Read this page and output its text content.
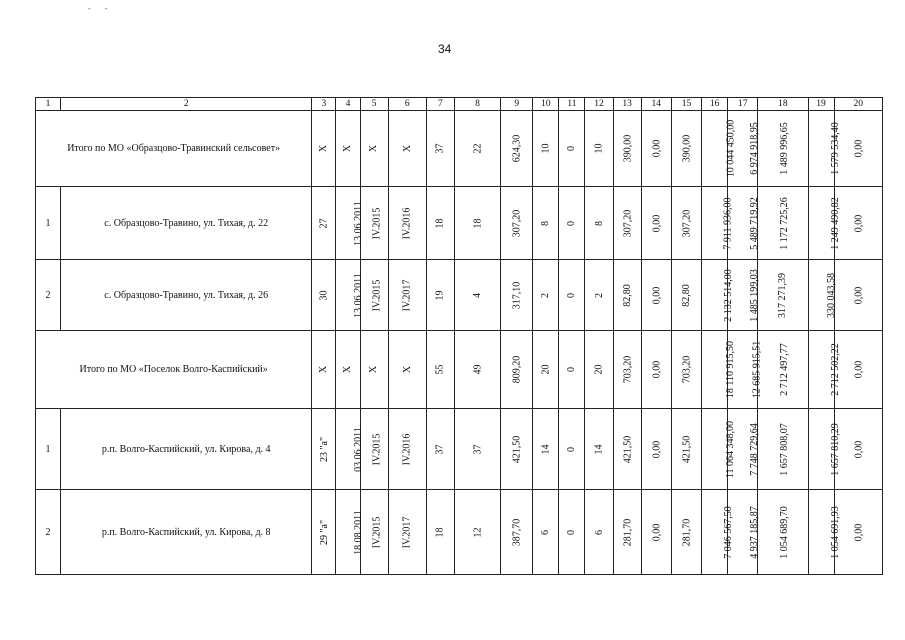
- -
34
1	2	3	4	5	6	7	8	9	10	11	12	13	14	15	16	17	18	19	20
Итого по МО «Образцово-Травинский сельсовет»		X	X	X	X	37	22	624,30	10	0	10	390,00	0,00	390,00	10 044 450,00	6 974 918,95	1 489 996,65	1 579 534,40	0,00
1	с. Образцово-Травино, ул. Тихая, д. 22	27	13.06.2011	IV.2015	IV.2016	18	18	307,20	8	0	8	307,20	0,00	307,20	7 911 936,00	5 489 719,92	1 172 725,26	1 249 490,82	0,00
2	с. Образцово-Травино, ул. Тихая, д. 26	30	13.06.2011	IV.2015	IV.2017	19	4	317,10	2	0	2	82,80	0,00	82,80	2 132 514,00	1 485 199,03	317 271,39	330 043,58	0,00
Итого по МО «Поселок Волго-Каспийский»		X	X	X	X	55	49	809,20	20	0	20	703,20	0,00	703,20	18 110 915,50	12 685 915,51	2 712 497,77	2 712 502,22	0,00
1	р.п. Волго-Каспийский, ул. Кирова, д. 4	23 "а"	03.06.2011	IV.2015	IV.2016	37	37	421,50	14	0	14	421,50	0,00	421,50	11 064 348,00	7 748 729,64	1 657 808,07	1 657 810,29	0,00
2	р.п. Волго-Каспийский, ул. Кирова, д. 8	29 "а"	18.08.2011	IV.2015	IV.2017	18	12	387,70	6	0	6	281,70	0,00	281,70	7 046 567,50	4 937 185,87	1 054 689,70	1 054 691,93	0,00
